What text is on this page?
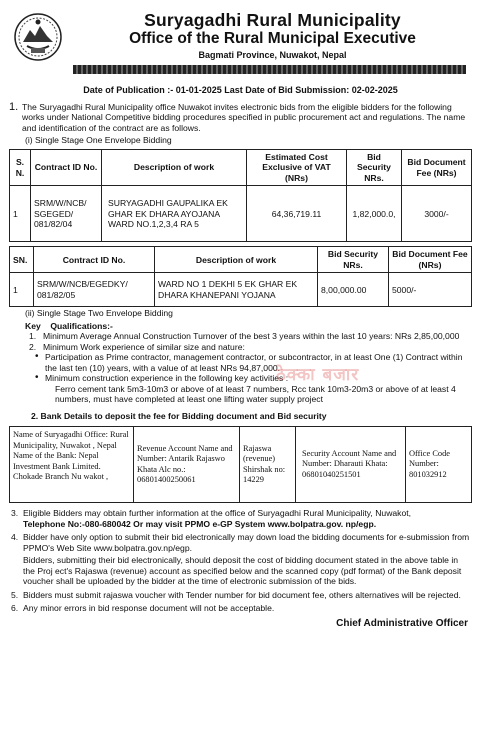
Suryagadhi Rural Municipality
Office of the Rural Municipal Executive
Bagmati Province, Nuwakot, Nepal
Date of Publication :- 01-01-2025 Last Date of Bid Submission: 02-02-2025
1. The Suryagadhi Rural Municipality office Nuwakot invites electronic bids from the eligible bidders for the following works under National Competitive bidding procedures specified in public procurement act and regulations. The name and identification of the contract are as follows.
(i) Single Stage One Envelope Bidding
S. N.	Contract ID No.	Description of work	Estimated Cost Exclusive of VAT (NRs)	Bid Security NRs.	Bid Document Fee (NRs)
1	SRM/W/NCB/ SGEGED/ 081/82/04	SURYAGADHI GAUPALIKA EK GHAR EK DHARA AYOJANA WARD NO.1,2,3,4 RA 5	64,36,719.11	1,82,000.0,	3000/-
SN.	Contract ID No.	Description of work	Bid Security NRs.	Bid Document Fee (NRs)
1	SRM/W/NCB/EGEDKY/ 081/82/05	WARD NO 1 DEKHI 5 EK GHAR EK DHARA KHANEPANI YOJANA	8,00,000.00	5000/-
(ii) Single Stage Two Envelope Bidding
Key    Qualifications:-
1. Minimum Average Annual Construction Turnover of the best 3 years within the last 10 years: NRs 2,85,00,000
2. Minimum Work experience of similar size and nature:
• Participation as Prime contractor, management contractor, or subcontractor, in at least One (1) Contract within the last ten (10) years, with a value of at least NRs 94,87,000.
• Minimum construction experience in the following key activities :
Ferro cement tank 5m3-10m3 or above of at least 7 numbers, Rcc tank 10m3-20m3 or above of at least 4 numbers, must have completed at least one lifting water supply project
2. Bank Details to deposit the fee for Bidding document and Bid security
Name of Suryagadhi Office: Rural Municipality, Nuwakot , Nepal Name of the Bank: Nepal Investment Bank Limited. Chokade Branch Nu wakot ,	Revenue Account Name and Number: Antarik Rajaswo Khata Alc no.: 06801400250061	Rajaswa (revenue) Shirshak no: 14229	Security Account Name and Number: Dharauti Khata: 06801040251501	Office Code Number: 801032912
3. Eligible Bidders may obtain further information at the office of Suryagadhi Rural Municipality, Nuwakot,
Telephone No:-080-680042 Or may visit PPMO e-GP System www.bolpatra.gov. np/egp.
4. Bidder have only option to submit their bid electronically may down load the bidding documents for e-submission from PPMO's Web Site www.bolpatra.gov.np/egp.
Bidders, submitting their bid electronically, should deposit the cost of bidding document stated in the above table in the Proj ect's Rajaswa (revenue) account as specified below and the scanned copy (pdf format) of the Bank deposit voucher shall be uploaded by the bidder at the time of electronic submission of the bids.
5. Bidders must submit rajaswa voucher with Tender number for bid document fee, others alternatives will be rejected.
6. Any minor errors in bid response document will not be acceptable.
Chief Administrative Officer
ठेक्का बजार
